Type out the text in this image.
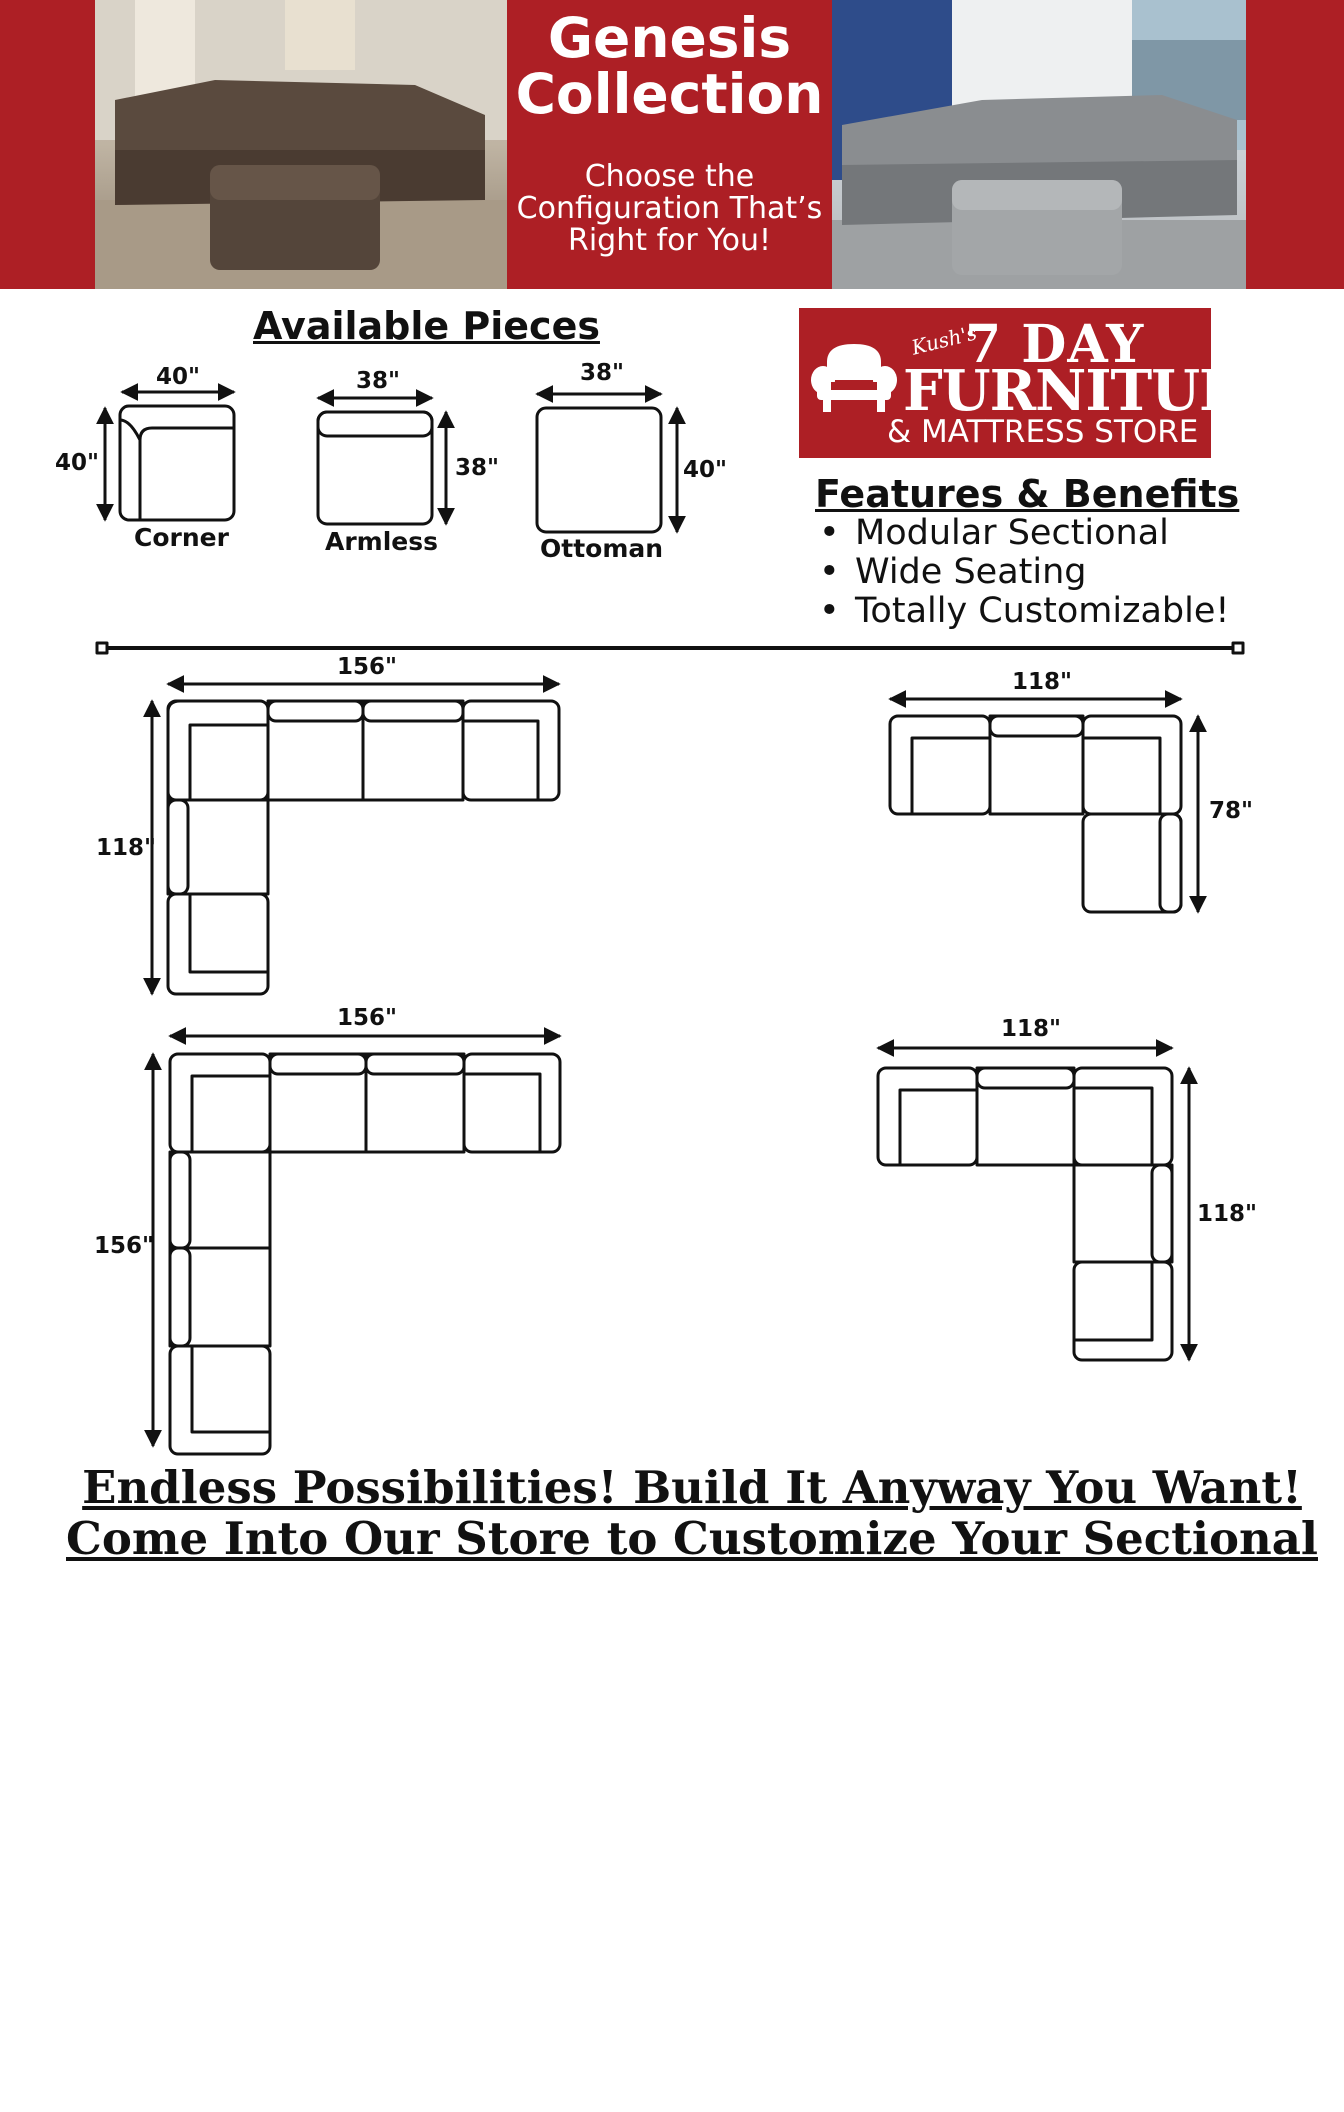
Genesis
Collection
Choose the
Configuration That’s
Right for You!
Available Pieces	Kush's
7 DAY
FURNITURE
& MATTRESS STORE
Features & Benefits
• Modular Sectional
• Wide Seating
• Totally Customizable!
40"
40"
Corner
38"
38"
Armless
38"
40"
Ottoman
156"
118"
118"
78"
156"
156"
118"
118"
Endless Possibilities! Build It Anyway You Want!
Come Into Our Store to Customize Your Sectional
